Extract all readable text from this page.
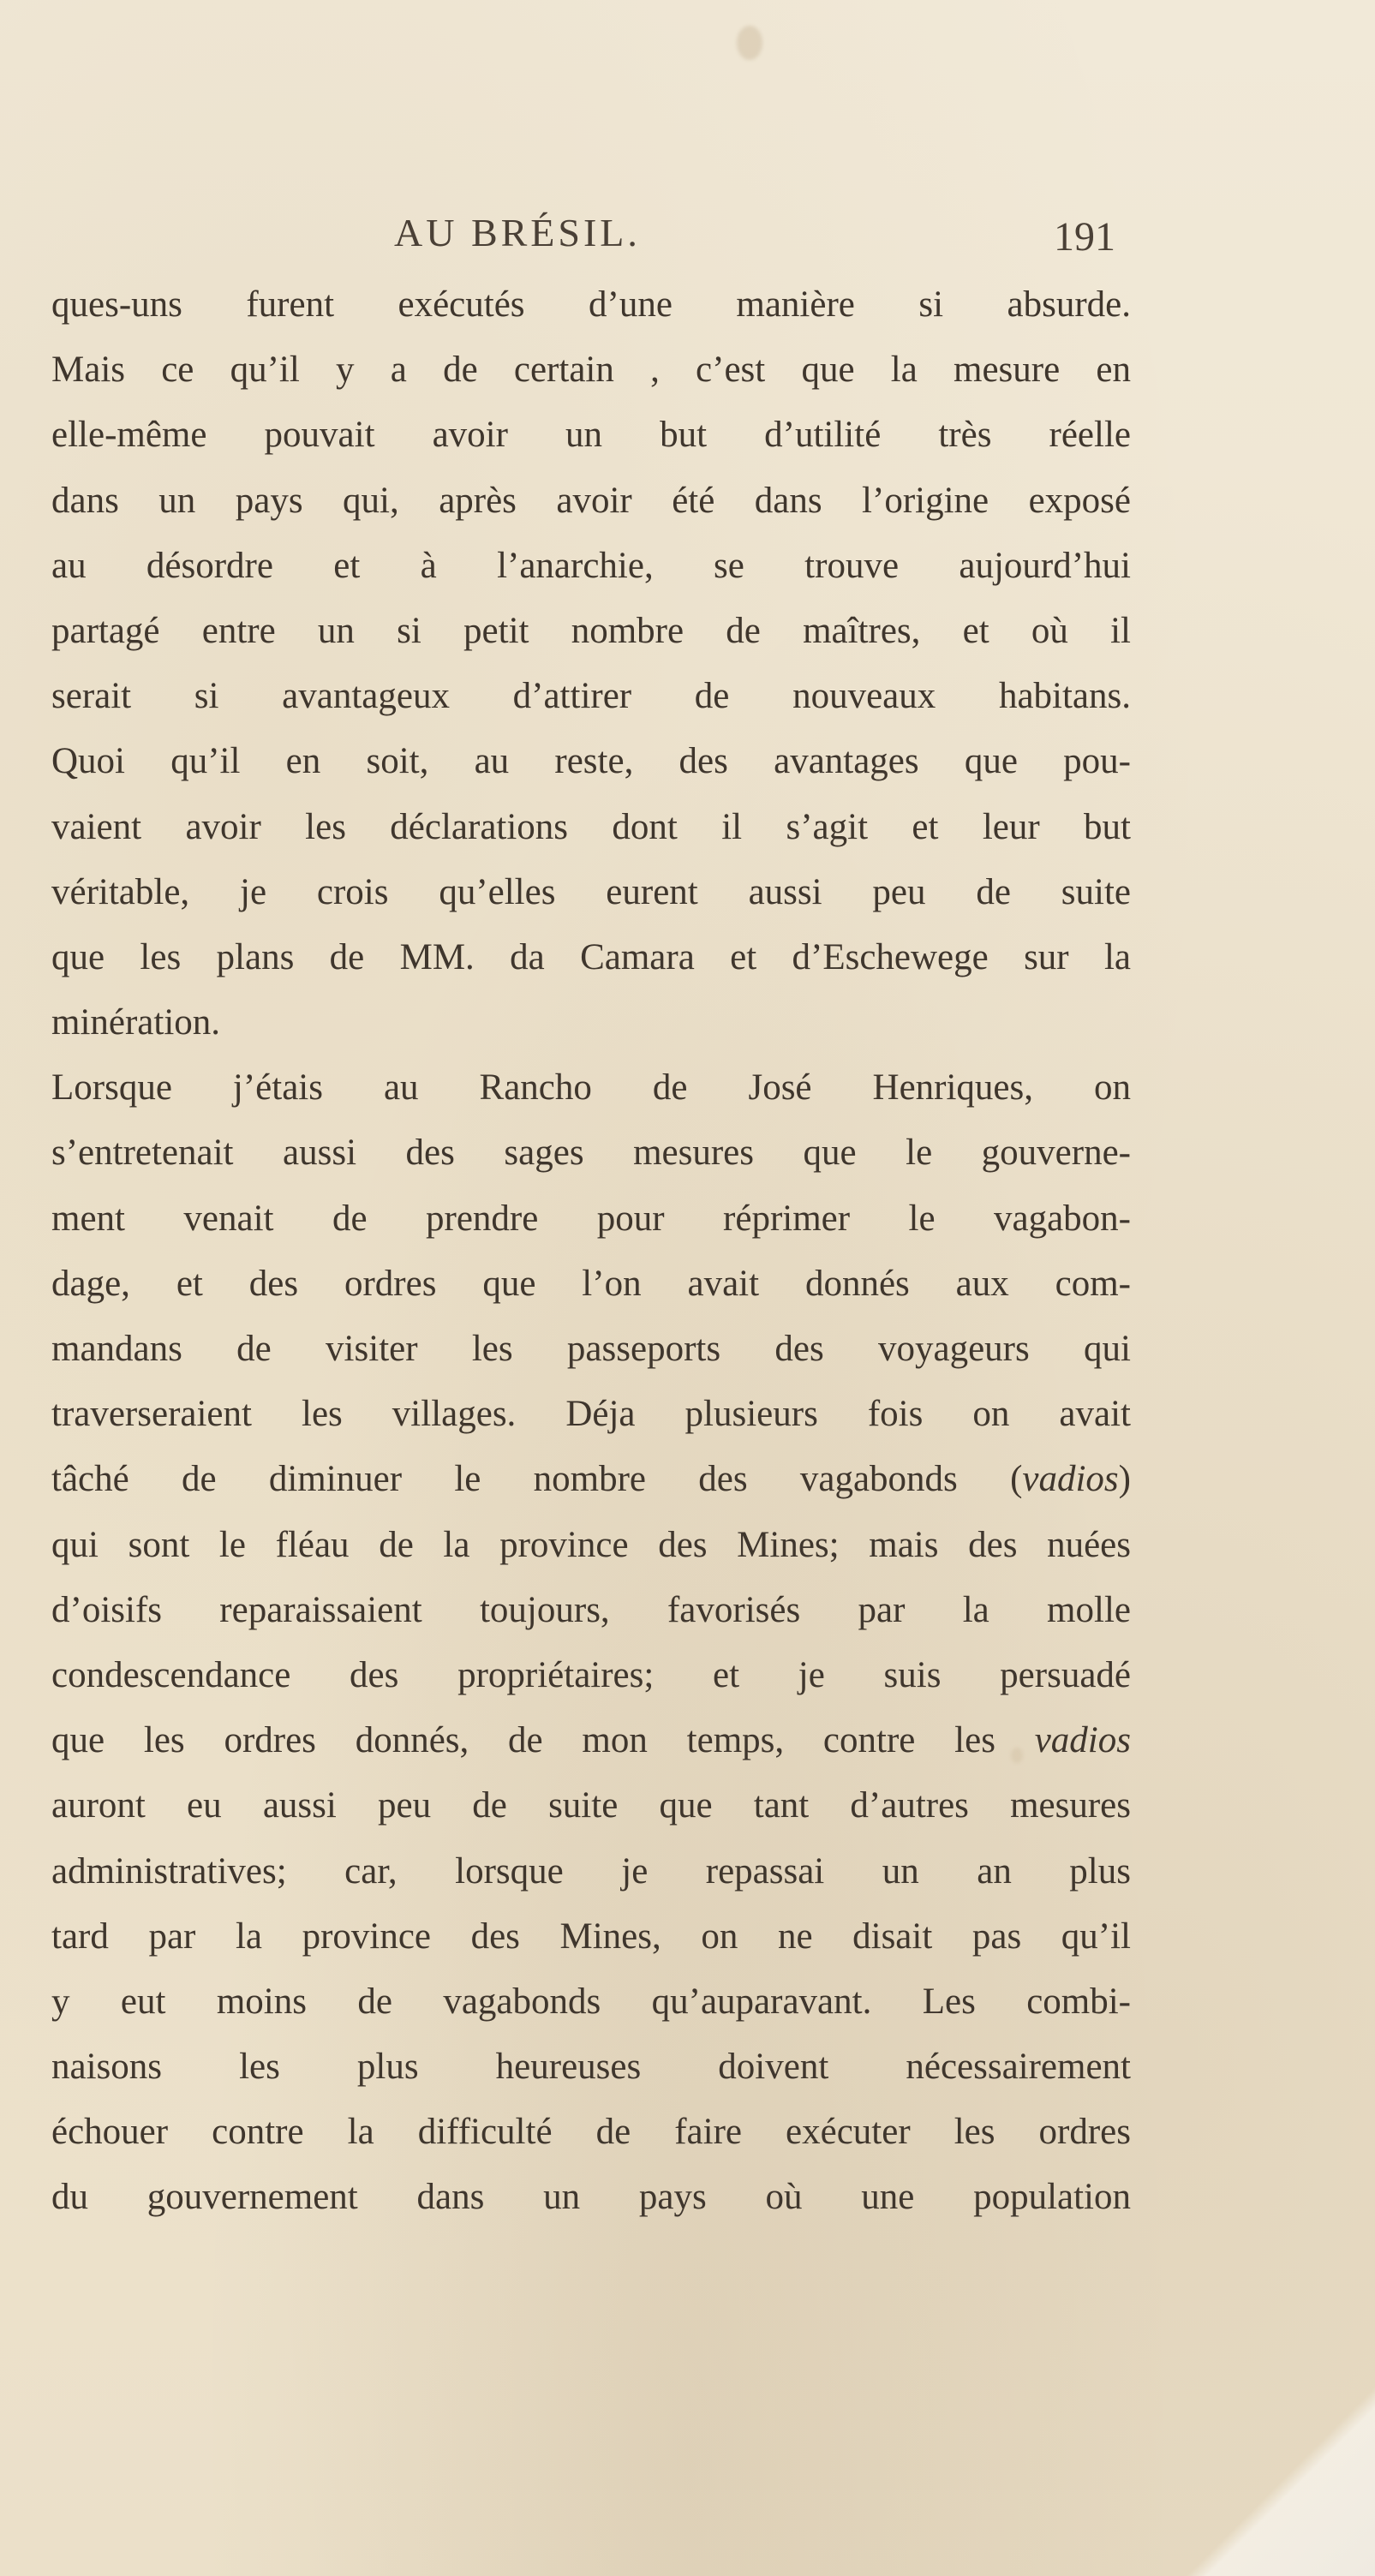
AU BRÉSIL.	191
ques-uns furent exécutés d’une manière si absurde.
Mais ce qu’il y a de certain , c’est que la mesure en
elle-même pouvait avoir un but d’utilité très réelle
dans un pays qui, après avoir été dans l’origine exposé
au désordre et à l’anarchie, se trouve aujourd’hui
partagé entre un si petit nombre de maîtres, et où il
serait si avantageux d’attirer de nouveaux habitans.
Quoi qu’il en soit, au reste, des avantages que pou-
vaient avoir les déclarations dont il s’agit et leur but
véritable, je crois qu’elles eurent aussi peu de suite
que les plans de MM. da Camara et d’Eschewege sur la
minération.
Lorsque j’étais au Rancho de José Henriques, on
s’entretenait aussi des sages mesures que le gouverne-
ment venait de prendre pour réprimer le vagabon-
dage, et des ordres que l’on avait donnés aux com-
mandans de visiter les passeports des voyageurs qui
traverseraient les villages. Déja plusieurs fois on avait
tâché de diminuer le nombre des vagabonds (vadios)
qui sont le fléau de la province des Mines; mais des nuées
d’oisifs reparaissaient toujours, favorisés par la molle
condescendance des propriétaires; et je suis persuadé
que les ordres donnés, de mon temps, contre les vadios
auront eu aussi peu de suite que tant d’autres mesures
administratives; car, lorsque je repassai un an plus
tard par la province des Mines, on ne disait pas qu’il
y eut moins de vagabonds qu’auparavant. Les combi-
naisons les plus heureuses doivent nécessairement
échouer contre la difficulté de faire exécuter les ordres
du gouvernement dans un pays où une population
